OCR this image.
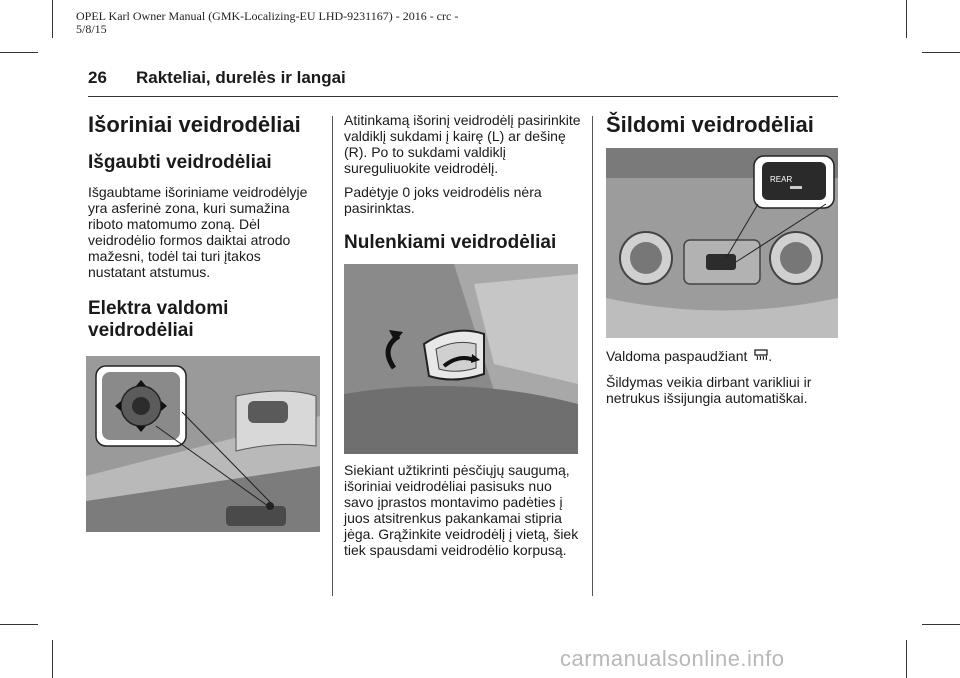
OPEL Karl Owner Manual (GMK-Localizing-EU LHD-9231167) - 2016 - crc -
5/8/15
26 Rakteliai, durelės ir langai
Išoriniai veidrodėliai
Išgaubti veidrodėliai

Išgaubtame išoriniame veidrodėlyje yra asferinė zona, kuri sumažina riboto matomumo zoną. Dėl veidrodėlio formos daiktai atrodo mažesni, todėl tai turi įtakos nustatant atstumus.

Elektra valdomi veidrodėliai

Atitinkamą išorinį veidrodėlį pasirinkite valdiklį sukdami į kairę (L) ar dešinę (R). Po to sukdami valdiklį sureguliuokite veidrodėlį.

Padėtyje 0 joks veidrodėlis nėra pasirinktas.

Nulenkiami veidrodėliai

Siekiant užtikrinti pėsčiųjų saugumą, išoriniai veidrodėliai pasisuks nuo savo įprastos montavimo padėties į juos atsitrenkus pakankamai stipria jėga. Grąžinkite veidrodėlį į vietą, šiek tiek spausdami veidrodėlio korpusą.

Šildomi veidrodėliai
REAR

Valdoma paspaudžiant .

Šildymas veikia dirbant varikliui ir netrukus išsijungia automatiškai.

carmanualsonline.info
